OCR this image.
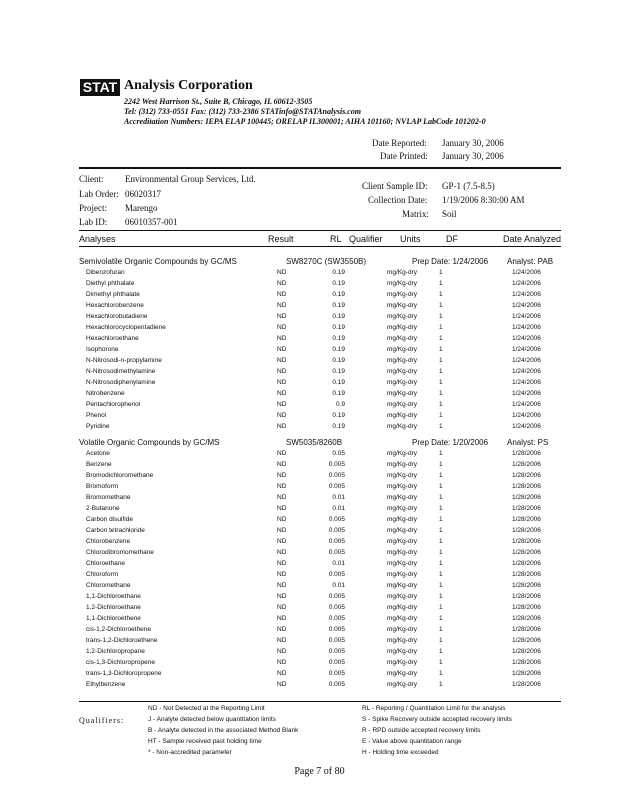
STAT Analysis Corporation
2242 West Harrison St., Suite B, Chicago, IL 60612-3505
Tel: (312) 733-0551 Fax: (312) 733-2386 STATinfo@STATAnalysis.com
Accreditation Numbers: IEPA ELAP 100445; ORELAP IL300001; AIHA 101160; NVLAP LabCode 101202-0
Date Reported: January 30, 2006
Date Printed: January 30, 2006
Client: Environmental Group Services, Ltd.
Lab Order: 06020317
Project: Marengo
Lab ID: 06010357-001
Client Sample ID: GP-1 (7.5-8.5)
Collection Date: 1/19/2006 8:30:00 AM
Matrix: Soil
Analyses	Result	RL Qualifier Units	DF	Date Analyzed
Semivolatile Organic Compounds by GC/MS	SW8270C (SW3550B)	Prep Date: 1/24/2006 Analyst: PAB
Dibenzofuran	ND	0.19	mg/Kg-dry	1	1/24/2006
Diethyl phthalate	ND	0.19	mg/Kg-dry	1	1/24/2006
Dimethyl phthalate	ND	0.19	mg/Kg-dry	1	1/24/2006
Hexachlorobenzene	ND	0.19	mg/Kg-dry	1	1/24/2006
Hexachlorobutadiene	ND	0.19	mg/Kg-dry	1	1/24/2006
Hexachlorocyclopentadiene	ND	0.19	mg/Kg-dry	1	1/24/2006
Hexachloroethane	ND	0.19	mg/Kg-dry	1	1/24/2006
Isophorone	ND	0.19	mg/Kg-dry	1	1/24/2006
N-Nitrosodi-n-propylamine	ND	0.19	mg/Kg-dry	1	1/24/2006
N-Nitrosodimethylamine	ND	0.19	mg/Kg-dry	1	1/24/2006
N-Nitrosodiphenylamine	ND	0.19	mg/Kg-dry	1	1/24/2006
Nitrobenzene	ND	0.19	mg/Kg-dry	1	1/24/2006
Pentachlorophenol	ND	0.9	mg/Kg-dry	1	1/24/2006
Phenol	ND	0.19	mg/Kg-dry	1	1/24/2006
Pyridine	ND	0.19	mg/Kg-dry	1	1/24/2006
Volatile Organic Compounds by GC/MS	SW5035/8260B	Prep Date: 1/20/2006 Analyst: PS
Acetone	ND	0.05	mg/Kg-dry	1	1/28/2006
Benzene	ND	0.005	mg/Kg-dry	1	1/28/2006
Bromodichloromethane	ND	0.005	mg/Kg-dry	1	1/28/2006
Bromoform	ND	0.005	mg/Kg-dry	1	1/28/2006
Bromomethane	ND	0.01	mg/Kg-dry	1	1/28/2006
2-Butanone	ND	0.01	mg/Kg-dry	1	1/28/2006
Carbon disulfide	ND	0.005	mg/Kg-dry	1	1/28/2006
Carbon tetrachloride	ND	0.005	mg/Kg-dry	1	1/28/2006
Chlorobenzene	ND	0.005	mg/Kg-dry	1	1/28/2006
Chlorodibromomethane	ND	0.005	mg/Kg-dry	1	1/28/2006
Chloroethane	ND	0.01	mg/Kg-dry	1	1/28/2006
Chloroform	ND	0.005	mg/Kg-dry	1	1/28/2006
Chloromethane	ND	0.01	mg/Kg-dry	1	1/28/2006
1,1-Dichloroethane	ND	0.005	mg/Kg-dry	1	1/28/2006
1,2-Dichloroethane	ND	0.005	mg/Kg-dry	1	1/28/2006
1,1-Dichloroethene	ND	0.005	mg/Kg-dry	1	1/28/2006
cis-1,2-Dichloroethene	ND	0.005	mg/Kg-dry	1	1/28/2006
trans-1,2-Dichloroethene	ND	0.005	mg/Kg-dry	1	1/28/2006
1,2-Dichloropropane	ND	0.005	mg/Kg-dry	1	1/28/2006
cis-1,3-Dichloropropene	ND	0.005	mg/Kg-dry	1	1/28/2006
trans-1,3-Dichloropropene	ND	0.005	mg/Kg-dry	1	1/28/2006
Ethylbenzene	ND	0.005	mg/Kg-dry	1	1/28/2006
Qualifiers:
ND - Not Detected at the Reporting Limit
J - Analyte detected below quantitation limits
B - Analyte detected in the associated Method Blank
HT - Sample received past holding time
* - Non-accredited parameter
RL - Reporting / Quantitation Limit for the analysis
S - Spike Recovery outside accepted recovery limits
R - RPD outside accepted recovery limits
E - Value above quantitation range
H - Holding time exceeded
Page 7 of 80
